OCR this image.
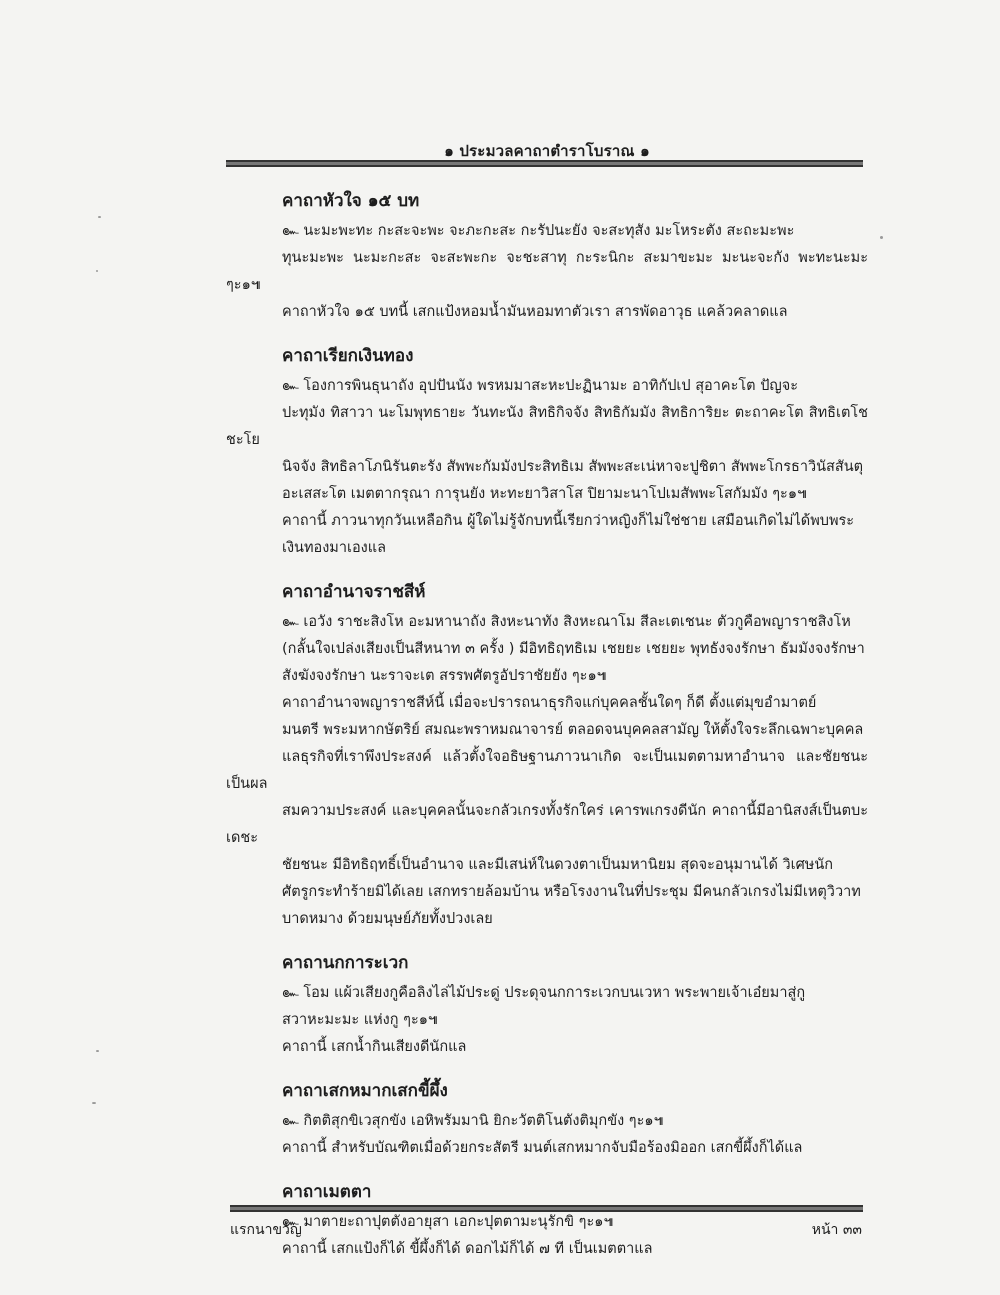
๑ ประมวลคาถาตำราโบราณ ๑
คาถาหัวใจ ๑๕ บท

๛ นะมะพะทะ กะสะจะพะ จะภะกะสะ กะรัปนะยัง จะสะทุสัง มะโหระตัง สะถะมะพะ
ทุนะมะพะ นะมะกะสะ จะสะพะกะ จะชะสาทุ กะระนิกะ สะมาขะมะ มะนะจะกัง พะทะนะมะ ๆะ๑๚

คาถาหัวใจ ๑๕ บทนี้ เสกแป้งหอมน้ำมันหอมทาตัวเรา สารพัดอาวุธ แคล้วคลาดแล

คาถาเรียกเงินทอง

๛ โองการพินธุนาถัง อุปปันนัง พรหมมาสะหะปะฏินามะ อาทิกัปเป สุอาคะโต ปัญจะ
ปะทุมัง ทิสาวา นะโมพุทธายะ วันทะนัง สิทธิกิจจัง สิทธิกัมมัง สิทธิการิยะ ตะถาคะโต สิทธิเตโชชะโย
นิจจัง สิทธิลาโภนิรันตะรัง สัพพะกัมมังประสิทธิเม สัพพะสะเน่หาจะปูชิตา สัพพะโกรธาวินัสสันตุ
อะเสสะโต เมตตากรุณา การุนยัง หะทะยาวิสาโส ปิยามะนาโปเมสัพพะโสกัมมัง ๆะ๑๚

คาถานี้ ภาวนาทุกวันเหลือกิน ผู้ใดไม่รู้จักบทนี้เรียกว่าหญิงก็ไม่ใช่ชาย เสมือนเกิดไม่ได้พบพระ
เงินทองมาเองแล

คาถาอำนาจราชสีห์

๛ เอวัง ราชะสิงโห อะมหานาถัง สิงหะนาทัง สิงหะณาโม สีละเตเชนะ ตัวกูคือพญาราชสิงโห
(กลั้นใจเปล่งเสียงเป็นสีหนาท ๓ ครั้ง ) มีอิทธิฤทธิเม เชยยะ เชยยะ พุทธังจงรักษา ธัมมังจงรักษา
สังฆังจงรักษา นะราจะเต สรรพศัตรูอัปราชัยยัง ๆะ๑๚

คาถาอำนาจพญาราชสีห์นี้ เมื่อจะปรารถนาธุรกิจแก่บุคคลชั้นใดๆ ก็ดี ตั้งแต่มุขอำมาตย์
มนตรี พระมหากษัตริย์ สมณะพราหมณาจารย์ ตลอดจนบุคคลสามัญ ให้ตั้งใจระลึกเฉพาะบุคคล
แลธุรกิจที่เราพึงประสงค์ แล้วตั้งใจอธิษฐานภาวนาเกิด จะเป็นเมตตามหาอำนาจ และชัยชนะเป็นผล
สมความประสงค์ และบุคคลนั้นจะกลัวเกรงทั้งรักใคร่ เคารพเกรงดีนัก คาถานี้มีอานิสงส์เป็นตบะเดชะ
ชัยชนะ มีอิทธิฤทธิ์เป็นอำนาจ และมีเสน่ห์ในดวงตาเป็นมหานิยม สุดจะอนุมานได้ วิเศษนัก
ศัตรูกระทำร้ายมิได้เลย เสกทรายล้อมบ้าน หรือโรงงานในที่ประชุม มีคนกลัวเกรงไม่มีเหตุวิวาท
บาดหมาง ด้วยมนุษย์ภัยทั้งปวงเลย

คาถานกการะเวก

๛ โอม แผ้วเสียงกูคือลิงไล่ไม้ประดู่ ประดุจนกการะเวกบนเวหา พระพายเจ้าเอ๋ยมาสู่กู
สวาหะมะมะ แห่งกู ๆะ๑๚

คาถานี้ เสกน้ำกินเสียงดีนักแล

คาถาเสกหมากเสกขี้ผึ้ง

๛ กิตติสุกขิเวสุกขัง เอหิพรัมมานิ ยิกะวัตติโนตังติมุกขัง ๆะ๑๚

คาถานี้ สำหรับบัณฑิตเมื่อด้วยกระสัตรี มนต์เสกหมากจับมือร้องมิออก เสกขี้ผึ้งก็ได้แล

คาถาเมตตา

๛ มาตายะถาปุตตังอายุสา เอกะปุตตามะนุรักขิ ๆะ๑๚

คาถานี้ เสกแป้งก็ได้ ขี้ผึ้งก็ได้ ดอกไม้ก็ได้ ๗ ที เป็นเมตตาแล

แรกนาขวัญ	หน้า ๓๓
